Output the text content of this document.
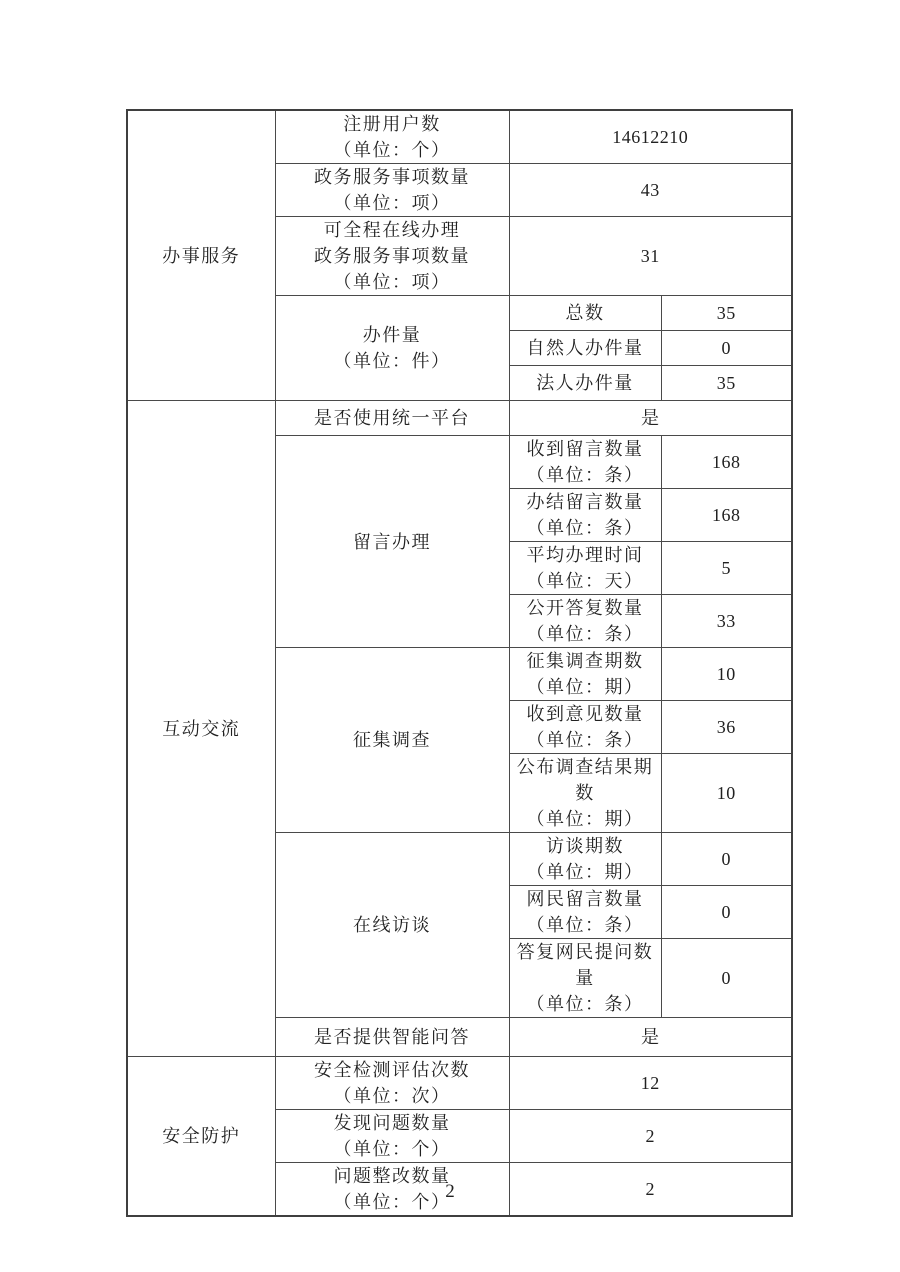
办事服务	注册用户数
（单位：个）	14612210	

	政务服务事项数量
（单位：项）	43	

	可全程在线办理
政务服务事项数量
（单位：项）	31	

	办件量
（单位：件）	总数	35

		自然人办件量	0

		法人办件量	35

互动交流	是否使用统一平台	是	

	留言办理	收到留言数量
（单位：条）	168

		办结留言数量
（单位：条）	168

		平均办理时间
（单位：天）	5

		公开答复数量
（单位：条）	33

	征集调查	征集调查期数
（单位：期）	10

		收到意见数量
（单位：条）	36

		公布调查结果期数
（单位：期）	10

	在线访谈	访谈期数
（单位：期）	0

		网民留言数量
（单位：条）	0

		答复网民提问数量
（单位：条）	0

	是否提供智能问答	是	

安全防护	安全检测评估次数
（单位：次）	12	

	发现问题数量
（单位：个）	2	

	问题整改数量
（单位：个）	2	
2
